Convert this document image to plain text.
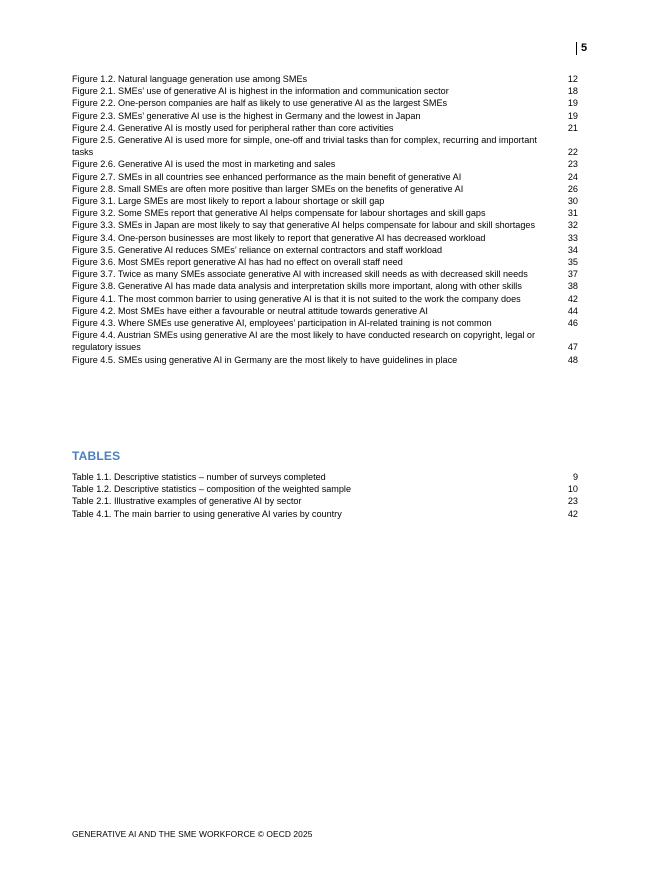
5
Figure 1.2. Natural language generation use among SMEs	12
Figure 2.1. SMEs’ use of generative AI is highest in the information and communication sector	18
Figure 2.2. One-person companies are half as likely to use generative AI as the largest SMEs	19
Figure 2.3. SMEs’ generative AI use is the highest in Germany and the lowest in Japan	19
Figure 2.4. Generative AI is mostly used for peripheral rather than core activities	21
Figure 2.5. Generative AI is used more for simple, one-off and trivial tasks than for complex, recurring and important tasks	22
Figure 2.6. Generative AI is used the most in marketing and sales	23
Figure 2.7. SMEs in all countries see enhanced performance as the main benefit of generative AI	24
Figure 2.8. Small SMEs are often more positive than larger SMEs on the benefits of generative AI	26
Figure 3.1. Large SMEs are most likely to report a labour shortage or skill gap	30
Figure 3.2. Some SMEs report that generative AI helps compensate for labour shortages and skill gaps	31
Figure 3.3. SMEs in Japan are most likely to say that generative AI helps compensate for labour and skill shortages	32
Figure 3.4. One-person businesses are most likely to report that generative AI has decreased workload	33
Figure 3.5. Generative AI reduces SMEs’ reliance on external contractors and staff workload	34
Figure 3.6. Most SMEs report generative AI has had no effect on overall staff need	35
Figure 3.7. Twice as many SMEs associate generative AI with increased skill needs as with decreased skill needs	37
Figure 3.8. Generative AI has made data analysis and interpretation skills more important, along with other skills	38
Figure 4.1. The most common barrier to using generative AI is that it is not suited to the work the company does	42
Figure 4.2. Most SMEs have either a favourable or neutral attitude towards generative AI	44
Figure 4.3. Where SMEs use generative AI, employees’ participation in AI-related training is not common	46
Figure 4.4. Austrian SMEs using generative AI are the most likely to have conducted research on copyright, legal or regulatory issues	47
Figure 4.5. SMEs using generative AI in Germany are the most likely to have guidelines in place	48
TABLES
Table 1.1. Descriptive statistics – number of surveys completed	9
Table 1.2. Descriptive statistics – composition of the weighted sample	10
Table 2.1. Illustrative examples of generative AI by sector	23
Table 4.1. The main barrier to using generative AI varies by country	42
GENERATIVE AI AND THE SME WORKFORCE © OECD 2025
